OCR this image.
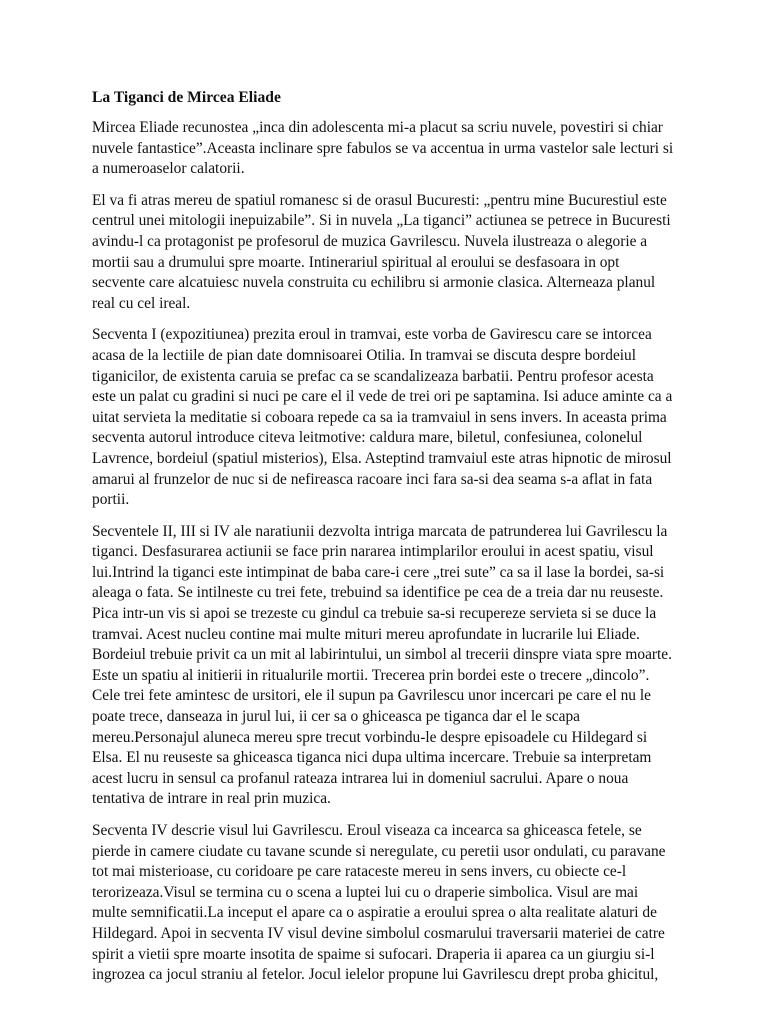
La Tiganci de Mircea Eliade
Mircea Eliade recunostea „inca din adolescenta mi-a placut sa scriu nuvele, povestiri si chiar
nuvele fantastice”.Aceasta inclinare spre fabulos se va accentua in urma vastelor sale lecturi si
a numeroaselor calatorii.
El va fi atras mereu de spatiul romanesc si de orasul Bucuresti: „pentru mine Bucurestiul este
centrul unei mitologii inepuizabile”. Si in nuvela „La tiganci” actiunea se petrece in Bucuresti
avindu-l ca protagonist pe profesorul de muzica Gavrilescu. Nuvela ilustreaza o alegorie a
mortii sau a drumului spre moarte. Intinerariul spiritual al eroului se desfasoara in opt
secvente care alcatuiesc nuvela construita cu echilibru si armonie clasica. Alterneaza planul
real cu cel ireal.
Secventa I (expozitiunea) prezita eroul in tramvai, este vorba de Gavirescu care se intorcea
acasa de la lectiile de pian date domnisoarei Otilia. In tramvai se discuta despre bordeiul
tiganicilor, de existenta caruia se prefac ca se scandalizeaza barbatii. Pentru profesor acesta
este un palat cu gradini si nuci pe care el il vede de trei ori pe saptamina. Isi aduce aminte ca a
uitat servieta la meditatie si coboara repede ca sa ia tramvaiul in sens invers. In aceasta prima
secventa autorul introduce citeva leitmotive: caldura mare, biletul, confesiunea, colonelul
Lavrence, bordeiul (spatiul misterios), Elsa. Asteptind tramvaiul este atras hipnotic de mirosul
amarui al frunzelor de nuc si de nefireasca racoare inci fara sa-si dea seama s-a aflat in fata
portii.
Secventele II, III si IV ale naratiunii dezvolta intriga marcata de patrunderea lui Gavrilescu la
tiganci. Desfasurarea actiunii se face prin nararea intimplarilor eroului in acest spatiu, visul
lui.Intrind la tiganci este intimpinat de baba care-i cere „trei sute” ca sa il lase la bordei, sa-si
aleaga o fata. Se intilneste cu trei fete, trebuind sa identifice pe cea de a treia dar nu reuseste.
Pica intr-un vis si apoi se trezeste cu gindul ca trebuie sa-si recupereze servieta si se duce la
tramvai. Acest nucleu contine mai multe mituri mereu aprofundate in lucrarile lui Eliade.
Bordeiul trebuie privit ca un mit al labirintului, un simbol al trecerii dinspre viata spre moarte.
Este un spatiu al initierii in ritualurile mortii. Trecerea prin bordei este o trecere „dincolo”.
Cele trei fete amintesc de ursitori, ele il supun pa Gavrilescu unor incercari pe care el nu le
poate trece, danseaza in jurul lui, ii cer sa o ghiceasca pe tiganca dar el le scapa
mereu.Personajul aluneca mereu spre trecut vorbindu-le despre episoadele cu Hildegard si
Elsa. El nu reuseste sa ghiceasca tiganca nici dupa ultima incercare. Trebuie sa interpretam
acest lucru in sensul ca profanul rateaza intrarea lui in domeniul sacrului. Apare o noua
tentativa de intrare in real prin muzica.
Secventa IV descrie visul lui Gavrilescu. Eroul viseaza ca incearca sa ghiceasca fetele, se
pierde in camere ciudate cu tavane scunde si neregulate, cu peretii usor ondulati, cu paravane
tot mai misterioase, cu coridoare pe care rataceste mereu in sens invers, cu obiecte ce-l
terorizeaza.Visul se termina cu o scena a luptei lui cu o draperie simbolica. Visul are mai
multe semnificatii.La inceput el apare ca o aspiratie a eroului sprea o alta realitate alaturi de
Hildegard. Apoi in secventa IV visul devine simbolul cosmarului traversarii materiei de catre
spirit a vietii spre moarte insotita de spaime si sufocari. Draperia ii aparea ca un giurgiu si-l
ingrozea ca jocul straniu al fetelor. Jocul ielelor propune lui Gavrilescu drept proba ghicitul,
